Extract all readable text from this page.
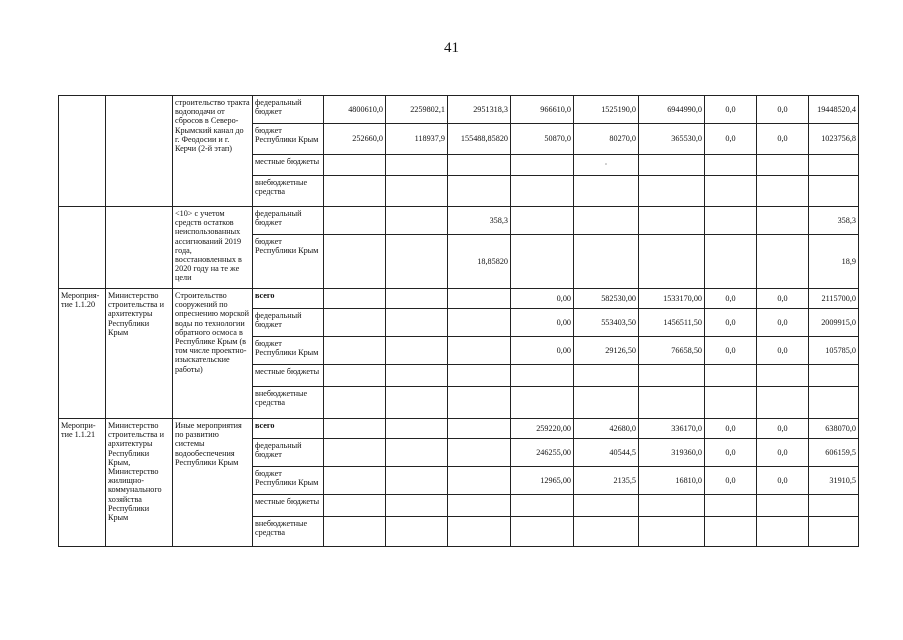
41
		строительство тракта водоподачи от сбросов в Северо-Крымский канал до г. Феодосии и г. Керчи (2-й этап)	федеральный бюджет	4800610,0	2259802,1	2951318,3	966610,0	1525190,0	6944990,0	0,0	0,0	19448520,4
			бюджет Республики Крым	252660,0	118937,9	155488,85820	50870,0	80270,0	365530,0	0,0	0,0	1023756,8
			местные бюджеты					·				
			внебюджетные средства									
		<10> с учетом средств остатков неиспользованных ассигнований 2019 года, восстановленных в 2020 году на те же цели	федеральный бюджет			358,3						358,3
			бюджет Республики Крым			18,85820						18,9
Мероприя-тие 1.1.20	Министерство строительства и архитектуры Республики Крым	Строительство сооружений по опреснению морской воды по технологии обратного осмоса в Республике Крым (в том числе проектно-изыскательские работы)	всего				0,00	582530,00	1533170,00	0,0	0,0	2115700,0
			федеральный бюджет				0,00	553403,50	1456511,50	0,0	0,0	2009915,0
			бюджет Республики Крым				0,00	29126,50	76658,50	0,0	0,0	105785,0
			местные бюджеты									
			внебюджетные средства									
Меропри-тие 1.1.21	Министерство строительства и архитектуры Республики Крым, Министерство жилищно-коммунального хозяйства Республики Крым	Иные мероприятия по развитию системы водообеспечения Республики Крым	всего				259220,00	42680,0	336170,0	0,0	0,0	638070,0
			федеральный бюджет				246255,00	40544,5	319360,0	0,0	0,0	606159,5
			бюджет Республики Крым				12965,00	2135,5	16810,0	0,0	0,0	31910,5
			местные бюджеты									
			внебюджетные средства									
